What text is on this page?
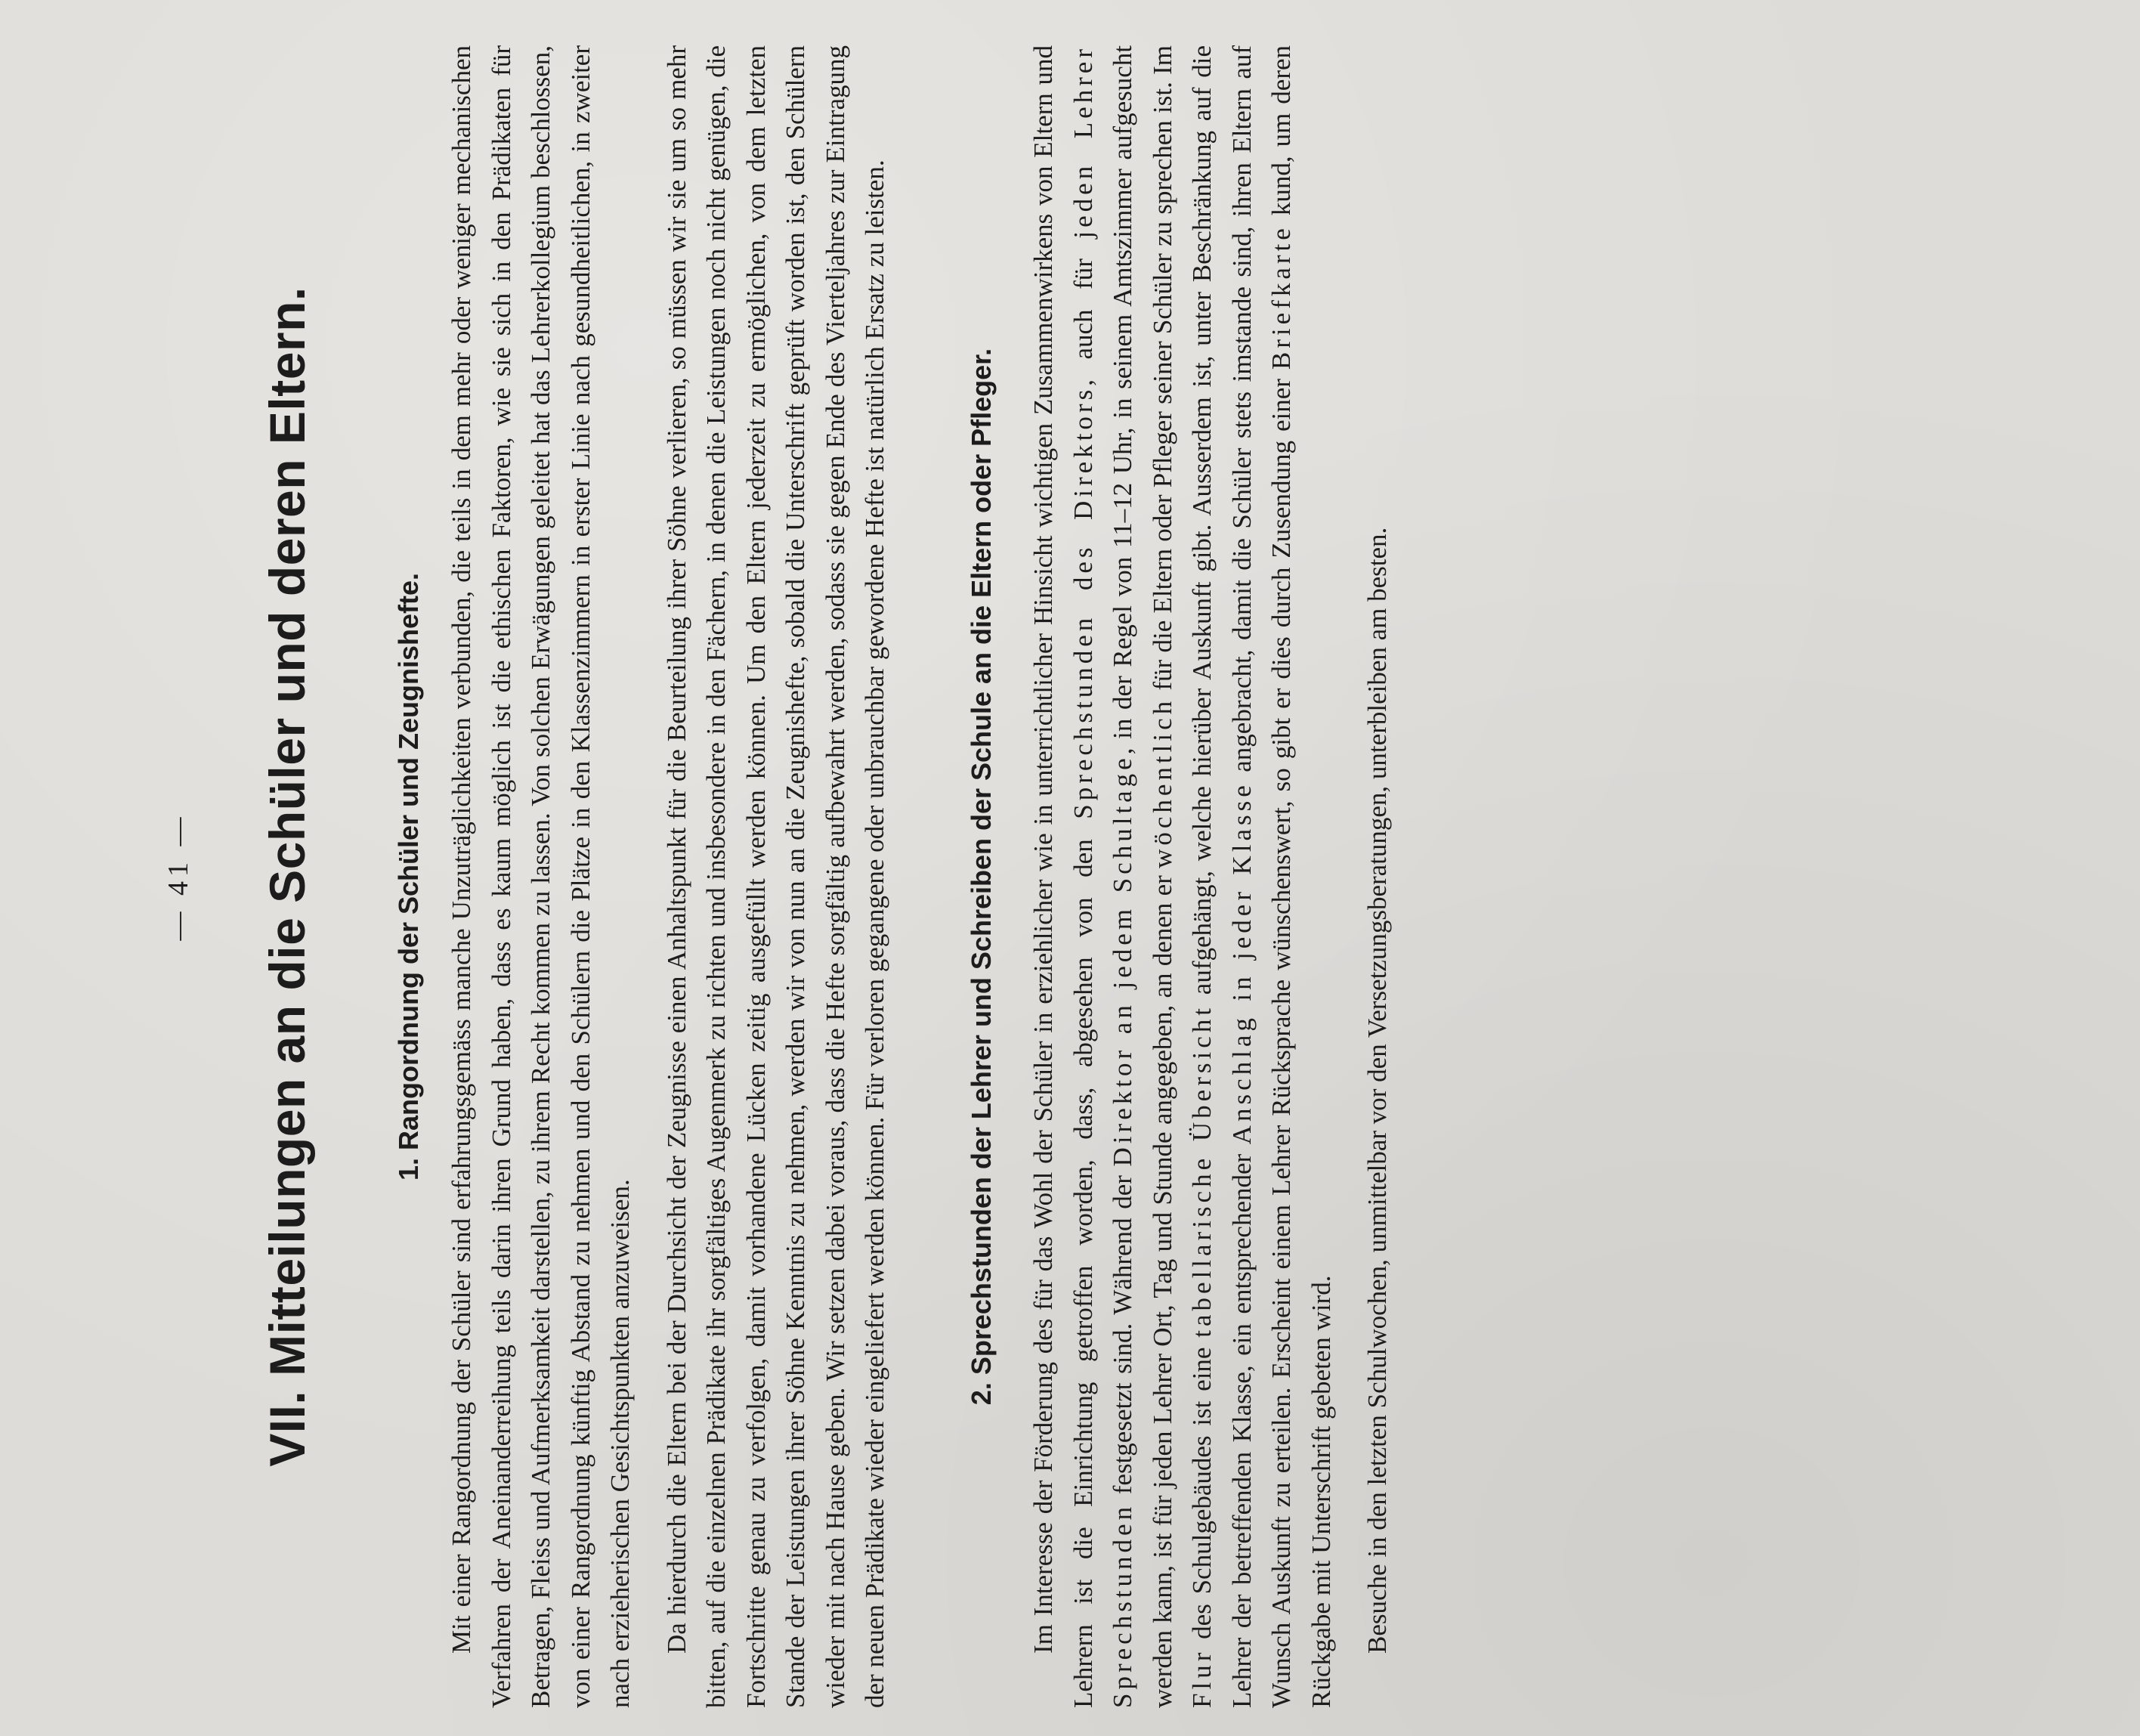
— 41 — VII. Mitteilungen an die Schüler und deren Eltern.	1. Rangordnung der Schüler und Zeugnishefte. Mit einer Rangordnung der Schüler sind erfahrungsgemäss manche Unzuträglichkeiten verbunden, die teils in dem mehr oder weniger mechanischen Verfahren der Aneinanderreihung teils darin ihren Grund haben, dass es kaum möglich ist die ethischen Faktoren, wie sie sich in den Prädikaten für Betragen, Fleiss und Aufmerksamkeit darstellen, zu ihrem Recht kommen zu lassen. Von solchen Erwägungen geleitet hat das Lehrerkollegium beschlossen, von einer Rangordnung künftig Abstand zu nehmen und den Schülern die Plätze in den Klassenzimmern in erster Linie nach gesundheitlichen, in zweiter nach erzieherischen Gesichtspunkten anzuweisen. Da hierdurch die Eltern bei der Durchsicht der Zeugnisse einen Anhaltspunkt für die Beurteilung ihrer Söhne verlieren, so müssen wir sie um so mehr bitten, auf die einzelnen Prädikate ihr sorgfältiges Augenmerk zu richten und insbesondere in den Fächern, in denen die Leistungen noch nicht genügen, die Fortschritte genau zu verfolgen, damit vorhandene Lücken zeitig ausgefüllt werden können. Um den Eltern jederzeit zu ermöglichen, von dem letzten Stande der Leistungen ihrer Söhne Kenntnis zu nehmen, werden wir von nun an die Zeugnishefte, sobald die Unterschrift geprüft worden ist, den Schülern wieder mit nach Hause geben. Wir setzen dabei voraus, dass die Hefte sorgfältig aufbewahrt werden, sodass sie gegen Ende des Vierteljahres zur Eintragung der neuen Prädikate wieder eingeliefert werden können. Für verloren gegangene oder unbrauchbar gewordene Hefte ist natürlich Ersatz zu leisten.	2. Sprechstunden der Lehrer und Schreiben der Schule an die Eltern oder Pfleger. Im Interesse der Förderung des für das Wohl der Schüler in erziehlicher wie in unterrichtlicher Hinsicht wichtigen Zusammenwirkens von Eltern und Lehrern ist die Einrichtung getroffen worden, dass, abgesehen von den Sprechstunden des Direktors, auch für jeden Lehrer Sprechstunden festgesetzt sind. Während der Direktor an jedem Schultage, in der Regel von 11–12 Uhr, in seinem Amtszimmer aufgesucht werden kann, ist für jeden Lehrer Ort, Tag und Stunde angegeben, an denen er wöchentlich für die Eltern oder Pfleger seiner Schüler zu sprechen ist. Im Flur des Schulgebäudes ist eine tabellarische Übersicht aufgehängt, welche hierüber Auskunft gibt. Ausserdem ist, unter Beschränkung auf die Lehrer der betreffenden Klasse, ein entsprechender Anschlag in jeder Klasse angebracht, damit die Schüler stets imstande sind, ihren Eltern auf Wunsch Auskunft zu erteilen. Erscheint einem Lehrer Rücksprache wünschenswert, so gibt er dies durch Zusendung einer Briefkarte kund, um deren Rückgabe mit Unterschrift gebeten wird. Besuche in den letzten Schulwochen, unmittelbar vor den Versetzungsberatungen, unterbleiben am besten.
